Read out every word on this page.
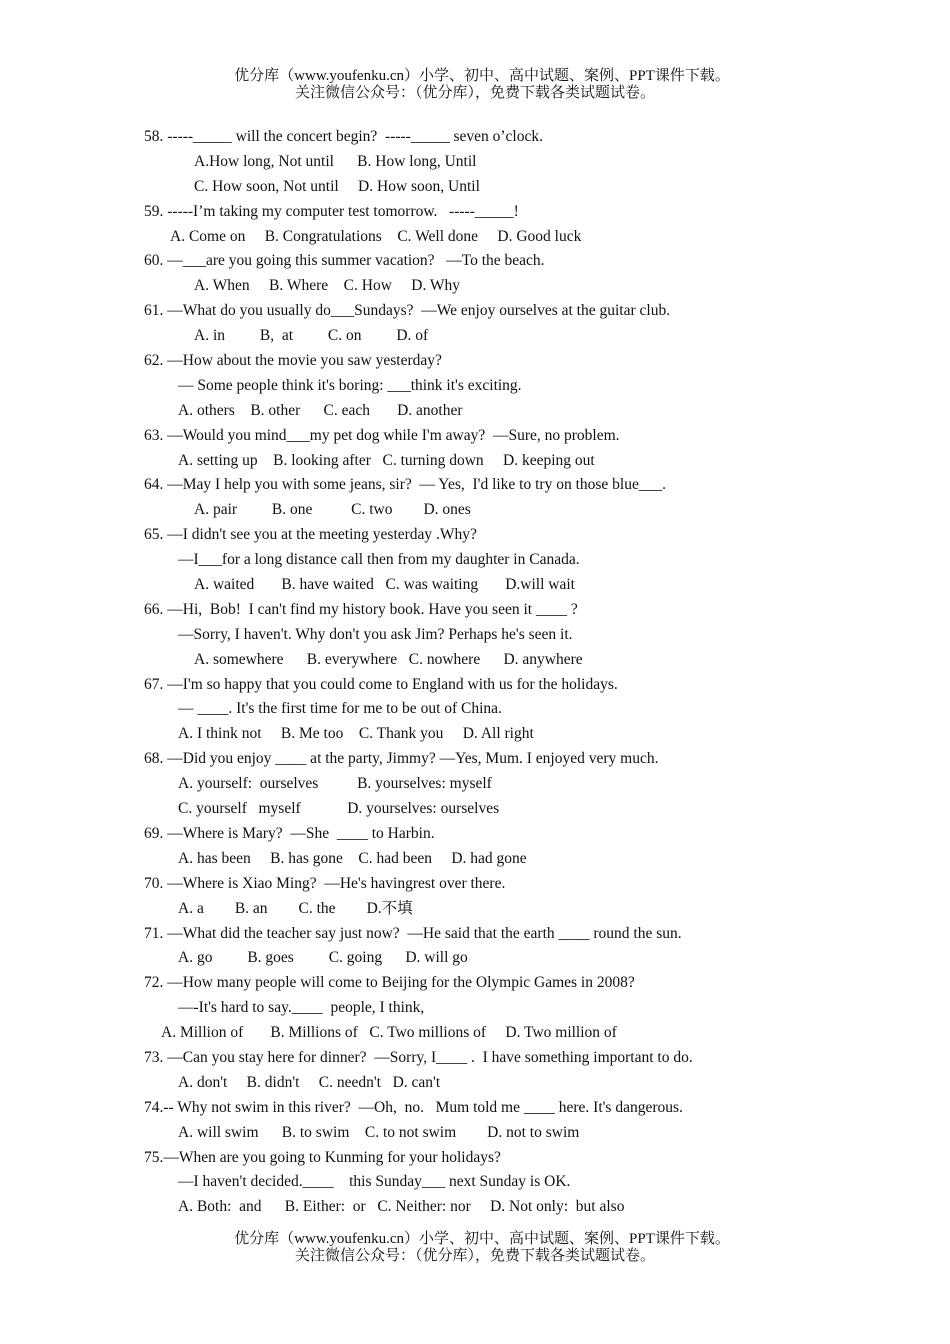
优分库（www.youfenku.cn）小学、初中、高中试题、案例、PPT课件下载。
关注微信公众号：（优分库），免费下载各类试题试卷。
58. -----_____ will the concert begin?  -----_____ seven o’clock.
A.How long, Not until      B. How long, Until
C. How soon, Not until     D. How soon, Until
59. -----I’m taking my computer test tomorrow.   -----_____!
A. Come on     B. Congratulations    C. Well done     D. Good luck
60. —___are you going this summer vacation?   —To the beach.
A. When     B. Where    C. How     D. Why
61. —What do you usually do___Sundays?  —We enjoy ourselves at the guitar club.
A. in         B,  at         C. on         D. of
62. —How about the movie you saw yesterday?
— Some people think it's boring: ___think it's exciting.
A. others    B. other      C. each       D. another
63. —Would you mind___my pet dog while I'm away?  —Sure, no problem.
A. setting up    B. looking after   C. turning down     D. keeping out
64. —May I help you with some jeans, sir?  — Yes,  I'd like to try on those blue___.
A. pair         B. one          C. two        D. ones
65. —I didn't see you at the meeting yesterday .Why?
—I___for a long distance call then from my daughter in Canada.
A. waited       B. have waited   C. was waiting       D.will wait
66. —Hi,  Bob!  I can't find my history book. Have you seen it ____ ?
—Sorry, I haven't. Why don't you ask Jim? Perhaps he's seen it.
A. somewhere      B. everywhere   C. nowhere      D. anywhere
67. —I'm so happy that you could come to England with us for the holidays.
— ____. It's the first time for me to be out of China.
A. I think not     B. Me too    C. Thank you     D. All right
68. —Did you enjoy ____ at the party, Jimmy? —Yes, Mum. I enjoyed very much.
A. yourself:  ourselves          B. yourselves: myself
C. yourself   myself            D. yourselves: ourselves
69. —Where is Mary?  —She  ____ to Harbin.
A. has been     B. has gone    C. had been     D. had gone
70. —Where is Xiao Ming?  —He's havingrest over there.
A. a        B. an        C. the        D.不填
71. —What did the teacher say just now?  —He said that the earth ____ round the sun.
A. go         B. goes         C. going      D. will go
72. —How many people will come to Beijing for the Olympic Games in 2008?
—-It's hard to say.____  people, I think,
A. Million of       B. Millions of   C. Two millions of     D. Two million of
73. —Can you stay here for dinner?  —Sorry, I____ .  I have something important to do.
A. don't     B. didn't     C. needn't   D. can't
74.-- Why not swim in this river?  —Oh,  no.   Mum told me ____ here. It's dangerous.
A. will swim      B. to swim    C. to not swim        D. not to swim
75.—When are you going to Kunming for your holidays?
—I haven't decided.____    this Sunday___ next Sunday is OK.
A. Both:  and      B. Either:  or   C. Neither: nor     D. Not only:  but also
优分库（www.youfenku.cn）小学、初中、高中试题、案例、PPT课件下载。
关注微信公众号：（优分库），免费下载各类试题试卷。
